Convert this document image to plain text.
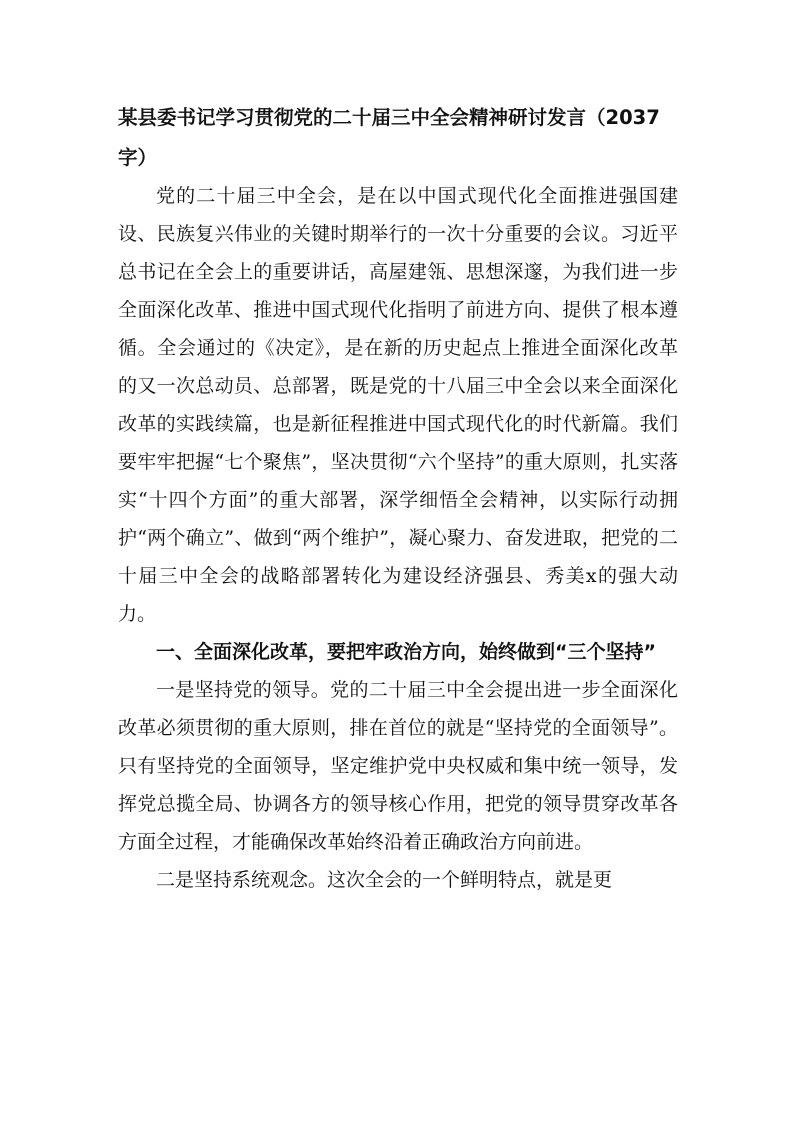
某县委书记学习贯彻党的二十届三中全会精神研讨发言（2037字）

党的二十届三中全会，是在以中国式现代化全面推进强国建设、民族复兴伟业的关键时期举行的一次十分重要的会议。习近平总书记在全会上的重要讲话，高屋建瓴、思想深邃，为我们进一步全面深化改革、推进中国式现代化指明了前进方向、提供了根本遵循。全会通过的《决定》，是在新的历史起点上推进全面深化改革的又一次总动员、总部署，既是党的十八届三中全会以来全面深化改革的实践续篇，也是新征程推进中国式现代化的时代新篇。我们要牢牢把握“七个聚焦”，坚决贯彻“六个坚持”的重大原则，扎实落实“十四个方面”的重大部署，深学细悟全会精神，以实际行动拥护“两个确立”、做到“两个维护”，凝心聚力、奋发进取，把党的二十届三中全会的战略部署转化为建设经济强县、秀美x的强大动力。

一、全面深化改革，要把牢政治方向，始终做到“三个坚持”

一是坚持党的领导。党的二十届三中全会提出进一步全面深化改革必须贯彻的重大原则，排在首位的就是“坚持党的全面领导”。只有坚持党的全面领导，坚定维护党中央权威和集中统一领导，发挥党总揽全局、协调各方的领导核心作用，把党的领导贯穿改革各方面全过程，才能确保改革始终沿着正确政治方向前进。

二是坚持系统观念。这次全会的一个鲜明特点，就是更
